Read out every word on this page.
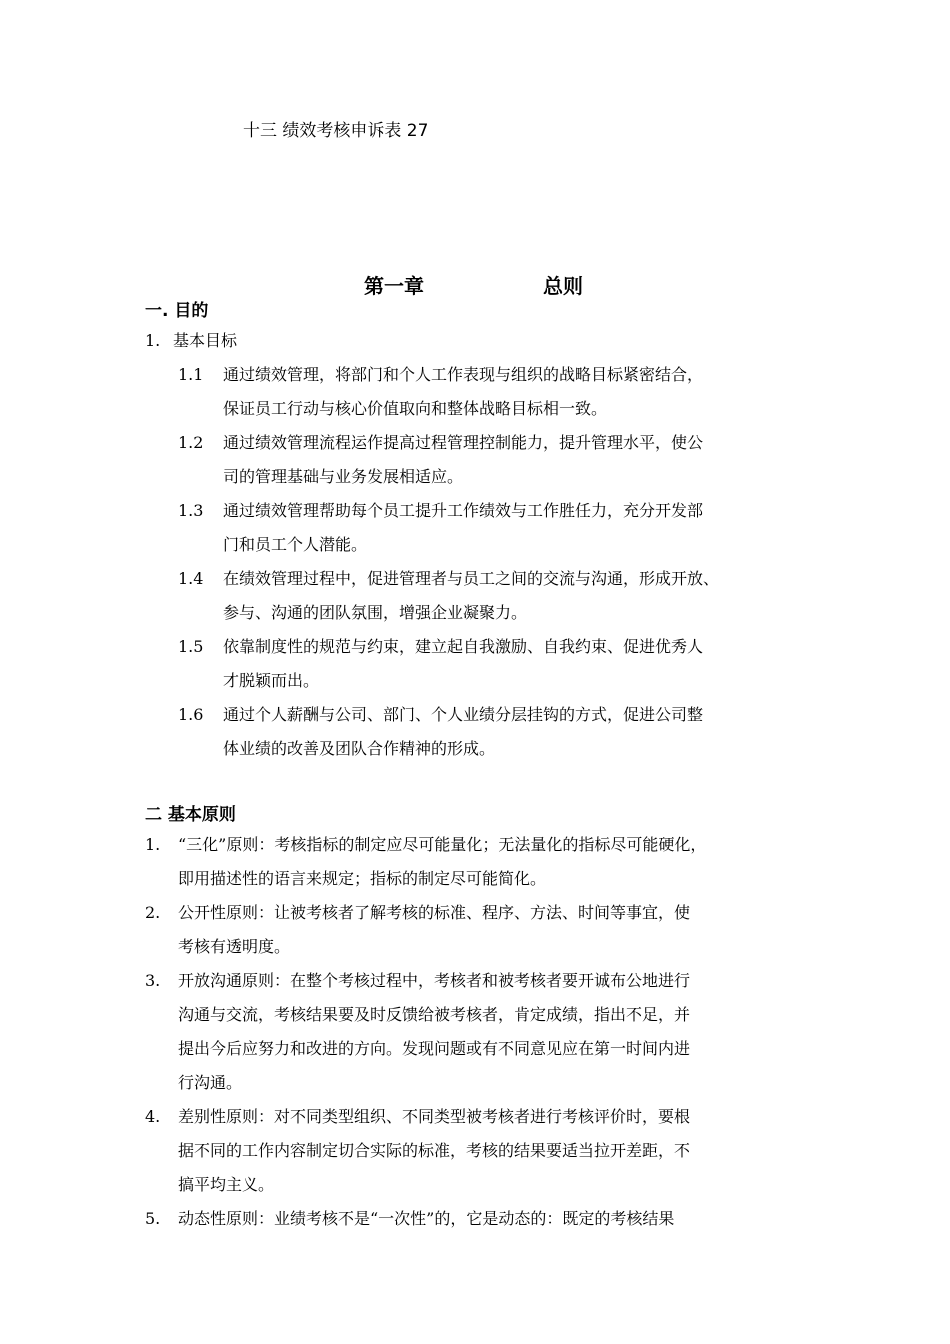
十三 绩效考核申诉表 27
第一章	总则
一. 目的
1. 基本目标
1.1 通过绩效管理，将部门和个人工作表现与组织的战略目标紧密结合，
保证员工行动与核心价值取向和整体战略目标相一致。
1.2 通过绩效管理流程运作提高过程管理控制能力，提升管理水平，使公
司的管理基础与业务发展相适应。
1.3 通过绩效管理帮助每个员工提升工作绩效与工作胜任力，充分开发部
门和员工个人潜能。
1.4 在绩效管理过程中，促进管理者与员工之间的交流与沟通，形成开放、
参与、沟通的团队氛围，增强企业凝聚力。
1.5 依靠制度性的规范与约束，建立起自我激励、自我约束、促进优秀人
才脱颖而出。
1.6 通过个人薪酬与公司、部门、个人业绩分层挂钩的方式，促进公司整
体业绩的改善及团队合作精神的形成。
二 基本原则
1. “三化”原则：考核指标的制定应尽可能量化；无法量化的指标尽可能硬化，
即用描述性的语言来规定；指标的制定尽可能简化。
2. 公开性原则：让被考核者了解考核的标准、程序、方法、时间等事宜，使
考核有透明度。
3. 开放沟通原则：在整个考核过程中，考核者和被考核者要开诚布公地进行
沟通与交流，考核结果要及时反馈给被考核者，肯定成绩，指出不足，并
提出今后应努力和改进的方向。发现问题或有不同意见应在第一时间内进
行沟通。
4. 差别性原则：对不同类型组织、不同类型被考核者进行考核评价时，要根
据不同的工作内容制定切合实际的标准，考核的结果要适当拉开差距，不
搞平均主义。
5. 动态性原则：业绩考核不是“一次性”的，它是动态的：既定的考核结果
